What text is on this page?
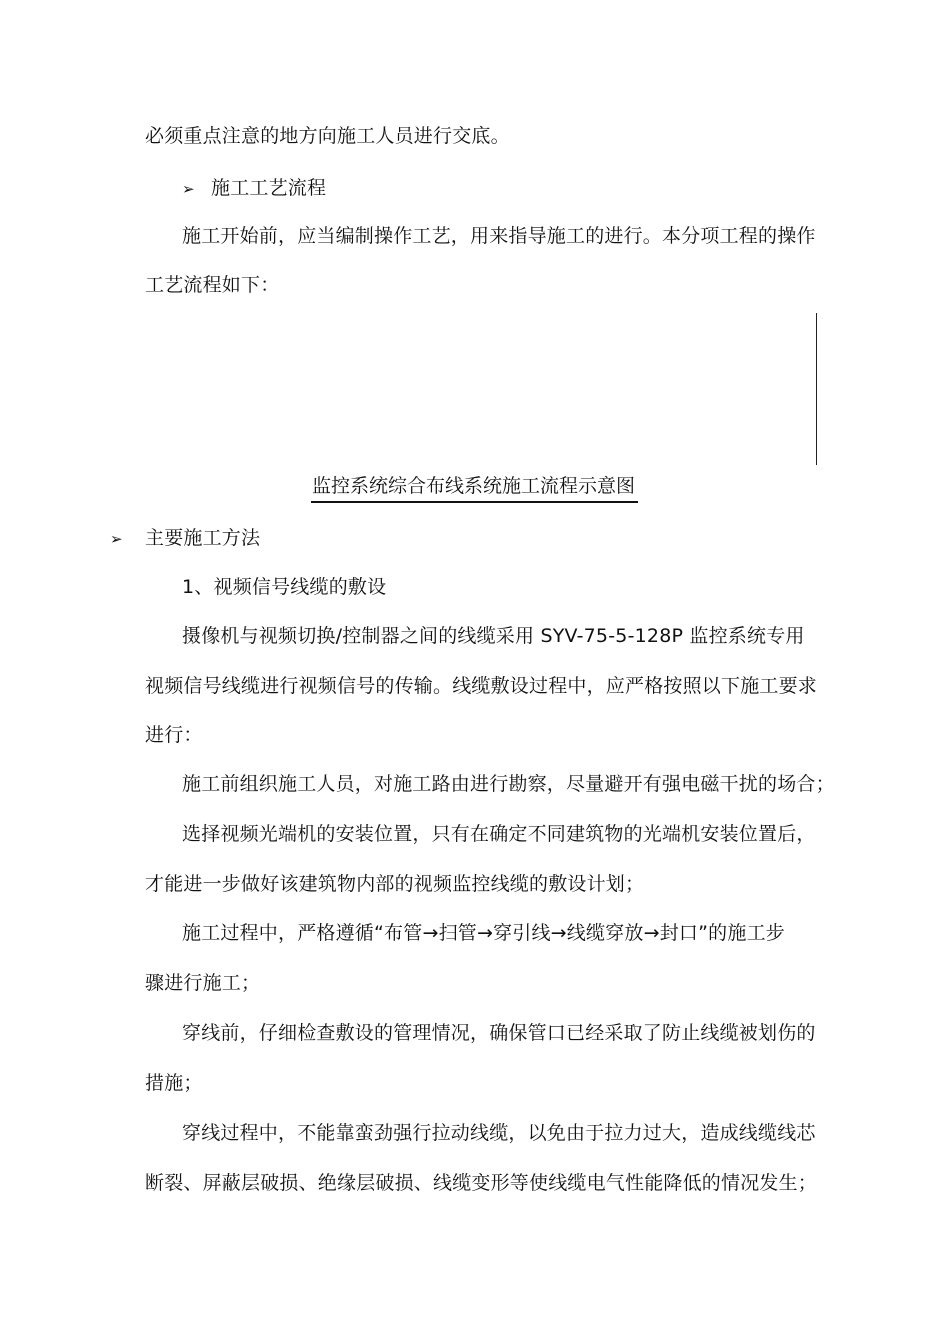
必须重点注意的地方向施工人员进行交底。
➢ 施工工艺流程
施工开始前，应当编制操作工艺，用来指导施工的进行。本分项工程的操作
工艺流程如下：
监控系统综合布线系统施工流程示意图
➢ 主要施工方法
1、视频信号线缆的敷设
摄像机与视频切换/控制器之间的线缆采用 SYV-75-5-128P 监控系统专用
视频信号线缆进行视频信号的传输。线缆敷设过程中，应严格按照以下施工要求
进行：
施工前组织施工人员，对施工路由进行勘察，尽量避开有强电磁干扰的场合；
选择视频光端机的安装位置，只有在确定不同建筑物的光端机安装位置后，
才能进一步做好该建筑物内部的视频监控线缆的敷设计划；
施工过程中，严格遵循“布管→扫管→穿引线→线缆穿放→封口”的施工步
骤进行施工；
穿线前，仔细检查敷设的管理情况，确保管口已经采取了防止线缆被划伤的
措施；
穿线过程中，不能靠蛮劲强行拉动线缆，以免由于拉力过大，造成线缆线芯
断裂、屏蔽层破损、绝缘层破损、线缆变形等使线缆电气性能降低的情况发生；
